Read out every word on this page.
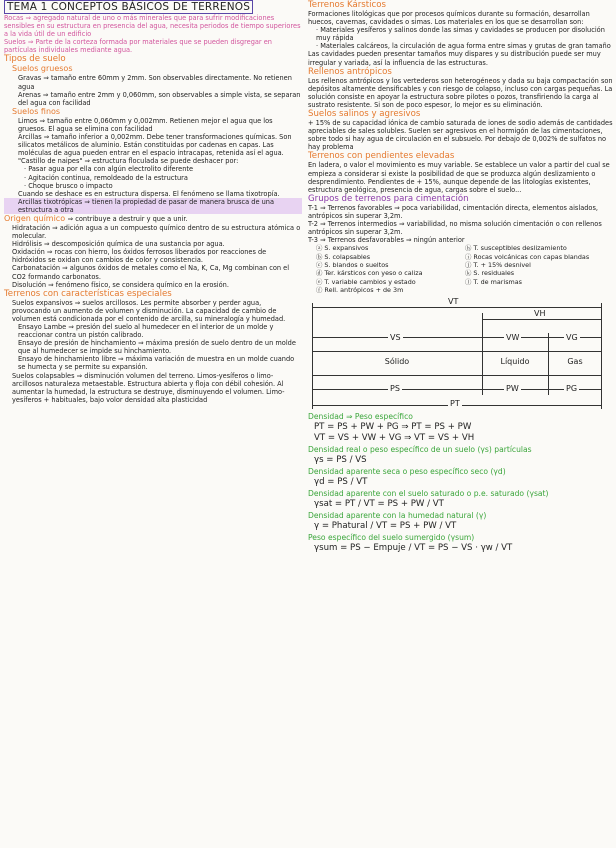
TEMA 1 CONCEPTOS BÁSICOS DE TERRENOS

Rocas ⇒ agregado natural de uno o más minerales que para sufrir modificaciones sensibles en su estructura en presencia del agua, necesita periodos de tiempo superiores a la vida útil de un edificio

Suelos ⇒ Parte de la corteza formada por materiales que se pueden disgregar en partículas individuales mediante agua.

Tipos de suelo
Suelos gruesos

Gravas ⇒ tamaño entre 60mm y 2mm. Son observables directamente. No retienen agua

Arenas ⇒ tamaño entre 2mm y 0,060mm, son observables a simple vista, se separan del agua con facilidad

Suelos finos

Limos ⇒ tamaño entre 0,060mm y 0,002mm. Retienen mejor el agua que los gruesos. El agua se elimina con facilidad

Arcillas ⇒ tamaño inferior a 0,002mm. Debe tener transformaciones químicas. Son silicatos metálicos de aluminio. Están constituidas por cadenas en capas. Las moléculas de agua pueden entrar en el espacio intracapas, retenida así el agua. "Castillo de naipes" ⇒ estructura floculada se puede deshacer por:

· Pasar agua por ella con algún electrolito diferente

· Agitación continua, remoldeado de la estructura

· Choque brusco o impacto

Cuando se deshace es en estructura dispersa. El fenómeno se llama tixotropía.

Arcillas tixotrópicas ⇒ tienen la propiedad de pasar de manera brusca de una estructura a otra

Origen químico ⇒ contribuye a destruir y que a unir.

Hidratación ⇒ adición agua a un compuesto químico dentro de su estructura atómica o molecular.

Hidrólisis ⇒ descomposición química de una sustancia por agua.

Oxidación ⇒ rocas con hierro, los óxidos ferrosos liberados por reacciones de hidróxidos se oxidan con cambios de color y consistencia.

Carbonatación ⇒ algunos óxidos de metales como el Na, K, Ca, Mg combinan con el CO2 formando carbonatos.

Disolución ⇒ fenómeno físico, se considera químico en la erosión.

Terrenos con características especiales

Suelos expansivos ⇒ suelos arcillosos. Les permite absorber y perder agua, provocando un aumento de volumen y disminución. La capacidad de cambio de volumen está condicionada por el contenido de arcilla, su mineralogía y humedad.

Ensayo Lambe ⇒ presión del suelo al humedecer en el interior de un molde y reaccionar contra un pistón calibrado.

Ensayo de presión de hinchamiento ⇒ máxima presión de suelo dentro de un molde que al humedecer se impide su hinchamiento.

Ensayo de hinchamiento libre ⇒ máxima variación de muestra en un molde cuando se humecta y se permite su expansión.

Suelos colapsables ⇒ disminución volumen del terreno. Limos-yesíferos o limo-arcillosos naturaleza metaestable. Estructura abierta y floja con débil cohesión. Al aumentar la humedad, la estructura se destruye, disminuyendo el volumen. Limo-yesíferos + habituales, bajo volor densidad alta plasticidad

Terrenos Kársticos

Formaciones litológicas que por procesos químicos durante su formación, desarrollan huecos, cavernas, cavidades o simas. Los materiales en los que se desarrollan son:

· Materiales yesíferos y salinos donde las simas y cavidades se producen por disolución muy rápida

· Materiales calcáreos, la circulación de agua forma entre simas y grutas de gran tamaño

Las cavidades pueden presentar tamaños muy dispares y su distribución puede ser muy irregular y variada, así la influencia de las estructuras.

Rellenos antrópicos

Los rellenos antrópicos y los vertederos son heterogéneos y dada su baja compactación son depósitos altamente densificables y con riesgo de colapso, incluso con cargas pequeñas. La solución consiste en apoyar la estructura sobre pilotes o pozos, transfiriendo la carga al sustrato resistente. Si son de poco espesor, lo mejor es su eliminación.

Suelos salinos y agresivos

+ 15% de su capacidad iónica de cambio saturada de iones de sodio además de cantidades apreciables de sales solubles. Suelen ser agresivos en el hormigón de las cimentaciones, sobre todo si hay agua de circulación en el subsuelo. Por debajo de 0,002% de sulfatos no hay problema

Terrenos con pendientes elevadas

En ladera, o valor el movimiento es muy variable. Se establece un valor a partir del cual se empieza a considerar si existe la posibilidad de que se produzca algún deslizamiento o desprendimiento. Pendientes de + 15%, aunque depende de las litologías existentes, estructura geológica, presencia de agua, cargas sobre el suelo...

Grupos de terrenos para cimentación

T-1 ⇒ Terrenos favorables ⇒ poca variabilidad, cimentación directa, elementos aislados, antrópicos sin superar 3,2m.

T-2 ⇒ Terrenos intermedios ⇒ variabilidad, no misma solución cimentación o con rellenos antrópicos sin superar 3,2m.

T-3 ⇒ Terrenos desfavorables ⇒ ningún anterior

ⓐ S. expansivos	ⓗ T. susceptibles deslizamiento
ⓑ S. colapsables	ⓘ Rocas volcánicas con capas blandas
ⓒ S. blandos o sueltos	ⓙ T. + 15% desnivel
ⓓ Ter. kársticos con yeso o caliza	ⓚ S. residuales
ⓔ T. variable cambios y estado	ⓛ T. de marismas
ⓕ Rell. antrópicos + de 3m
VT
VH
VS	VW	VG
Sólido	Líquido	Gas
PS	PW	PG
PT
Densidad ⇒ Peso específico
PT = PS + PW + PG ⇒ PT = PS + PW
VT = VS + VW + VG ⇒ VT = VS + VH
Densidad real o peso específico de un suelo (γs) partículas
γs = PS / VS
Densidad aparente seca o peso específico seco (γd)
γd = PS / VT
Densidad aparente con el suelo saturado o p.e. saturado (γsat)
γsat = PT / VT = PS + PW / VT
Densidad aparente con la humedad natural (γ)
γ = Phatural / VT = PS + PW / VT
Peso específico del suelo sumergido (γsum)
γsum = PS − Empuje / VT = PS − VS · γw / VT
